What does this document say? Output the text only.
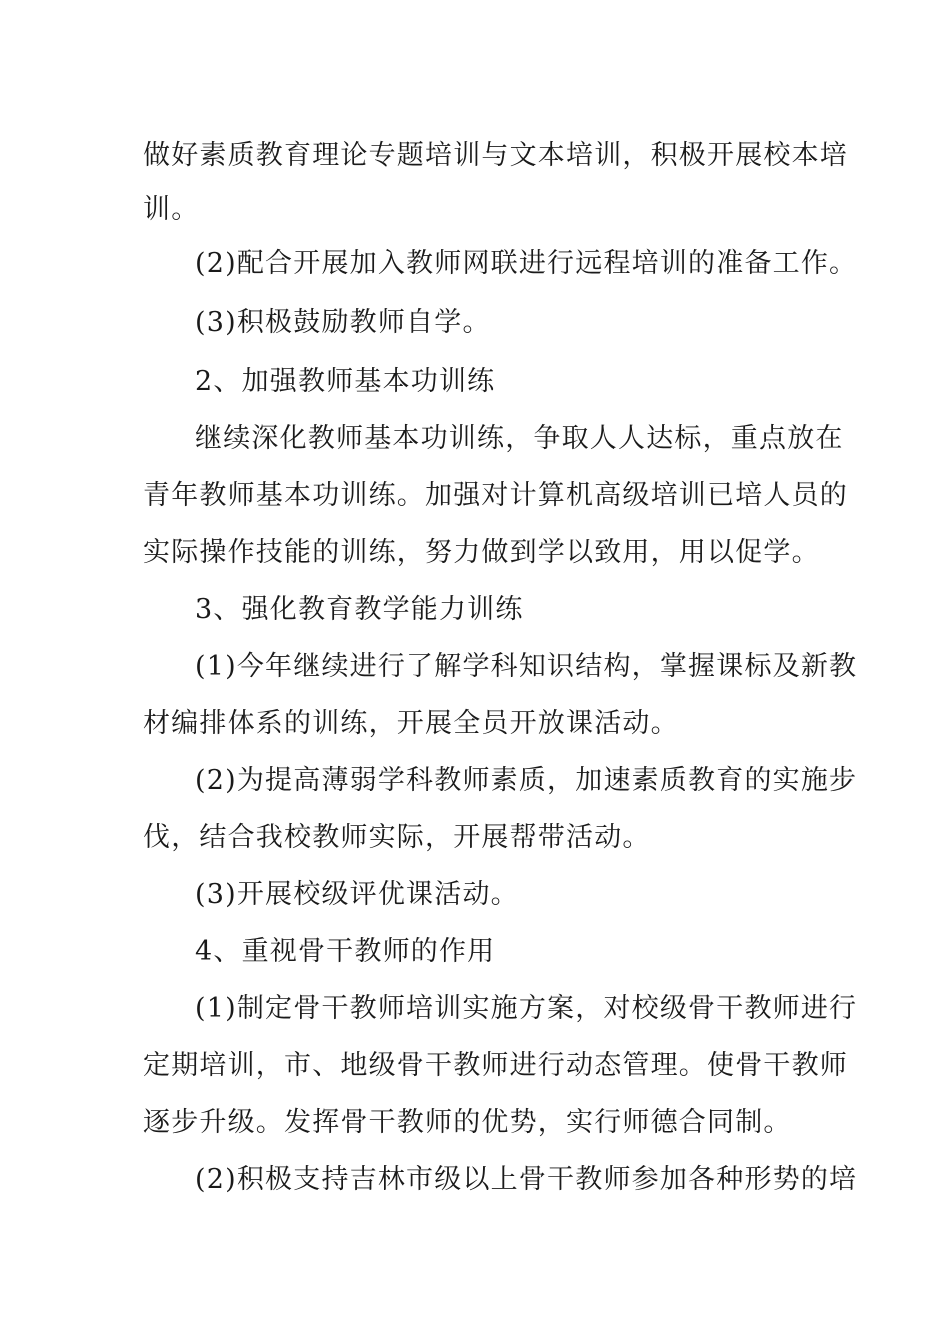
做好素质教育理论专题培训与文本培训，积极开展校本培
训。
(2)配合开展加入教师网联进行远程培训的准备工作。
(3)积极鼓励教师自学。
2、加强教师基本功训练
继续深化教师基本功训练，争取人人达标，重点放在
青年教师基本功训练。加强对计算机高级培训已培人员的
实际操作技能的训练，努力做到学以致用，用以促学。
3、强化教育教学能力训练
(1)今年继续进行了解学科知识结构，掌握课标及新教
材编排体系的训练，开展全员开放课活动。
(2)为提高薄弱学科教师素质，加速素质教育的实施步
伐，结合我校教师实际，开展帮带活动。
(3)开展校级评优课活动。
4、重视骨干教师的作用
(1)制定骨干教师培训实施方案，对校级骨干教师进行
定期培训，市、地级骨干教师进行动态管理。使骨干教师
逐步升级。发挥骨干教师的优势，实行师德合同制。
(2)积极支持吉林市级以上骨干教师参加各种形势的培
